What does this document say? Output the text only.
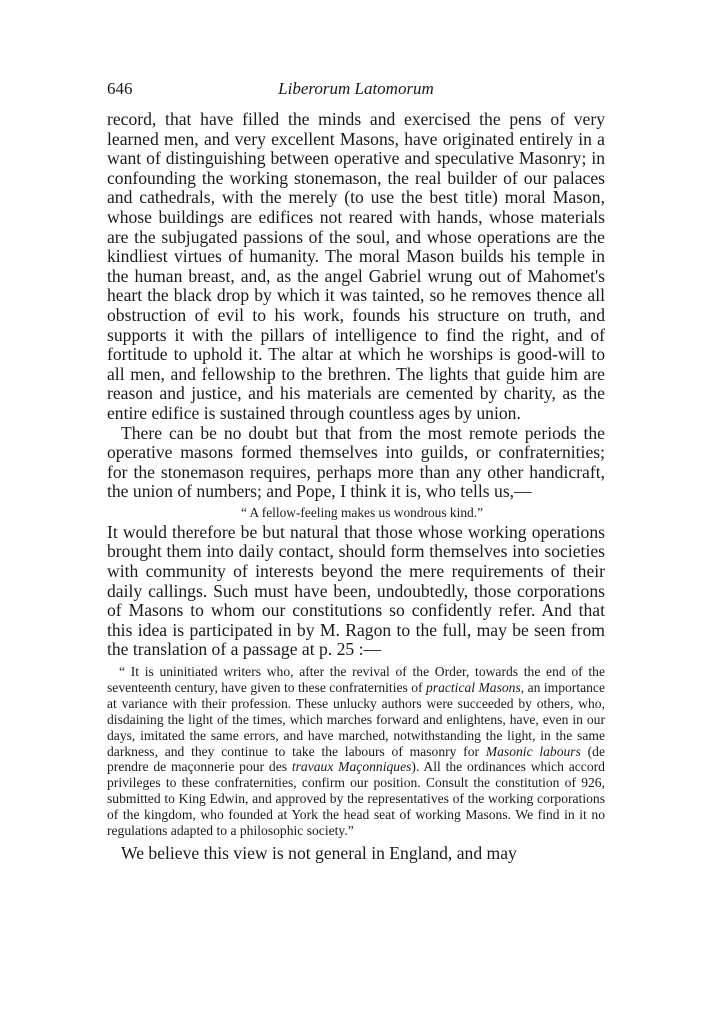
646	Liberorum Latomorum

record, that have filled the minds and exercised the pens of very learned men, and very excellent Masons, have originated entirely in a want of distinguishing between operative and speculative Masonry; in confounding the working stonemason, the real builder of our palaces and cathedrals, with the merely (to use the best title) moral Mason, whose buildings are edifices not reared with hands, whose materials are the subjugated passions of the soul, and whose operations are the kindliest virtues of humanity. The moral Mason builds his temple in the human breast, and, as the angel Gabriel wrung out of Mahomet's heart the black drop by which it was tainted, so he removes thence all obstruction of evil to his work, founds his structure on truth, and supports it with the pillars of intelligence to find the right, and of fortitude to uphold it. The altar at which he worships is good-will to all men, and fellowship to the brethren. The lights that guide him are reason and justice, and his materials are cemented by charity, as the entire edifice is sustained through countless ages by union.

There can be no doubt but that from the most remote periods the operative masons formed themselves into guilds, or confraternities; for the stonemason requires, perhaps more than any other handicraft, the union of numbers; and Pope, I think it is, who tells us,—

“ A fellow-feeling makes us wondrous kind.”

It would therefore be but natural that those whose working operations brought them into daily contact, should form themselves into societies with community of interests beyond the mere requirements of their daily callings. Such must have been, undoubtedly, those corporations of Masons to whom our constitutions so confidently refer. And that this idea is participated in by M. Ragon to the full, may be seen from the translation of a passage at p. 25 :—

“ It is uninitiated writers who, after the revival of the Order, towards the end of the seventeenth century, have given to these confraternities of practical Masons, an importance at variance with their profession. These unlucky authors were succeeded by others, who, disdaining the light of the times, which marches forward and enlightens, have, even in our days, imitated the same errors, and have marched, notwithstanding the light, in the same darkness, and they continue to take the labours of masonry for Masonic labours (de prendre de maçonnerie pour des travaux Maçonniques). All the ordinances which accord privileges to these confraternities, confirm our position. Consult the constitution of 926, submitted to King Edwin, and approved by the representatives of the working corporations of the kingdom, who founded at York the head seat of working Masons. We find in it no regulations adapted to a philosophic society.”

We believe this view is not general in England, and may
